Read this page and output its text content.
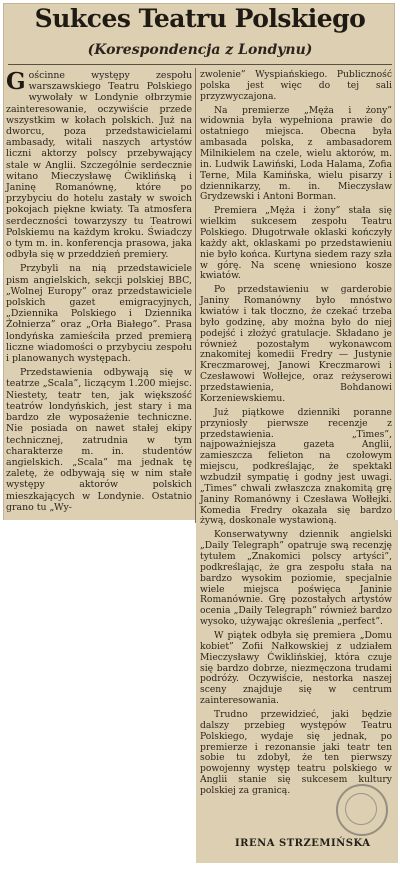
Sukces Teatru Polskiego
(Korespondencja z Londynu)

Gościnne występy zespołu warszawskiego Teatru Polskiego wywołały w Londynie ołbrzymie zainteresowanie, oczywiście przede wszystkim w kołach polskich. Już na dworcu, poza przedstawicielami ambasady, witali naszych artystów liczni aktorzy polscy przebywający stale w Anglii. Szczególnie serdecznie witano Mieczysławę Ćwiklińską i Janinę Romanównę, które po przybyciu do hotelu zastały w swoich pokojach piękne kwiaty. Ta atmosfera serdeczności towarzyszy tu Teatrowi Polskiemu na każdym kroku. Świadczy o tym m. in. konferencja prasowa, jaka odbyła się w przeddzień premiery.

Przybyli na nią przedstawiciele pism angielskich, sekcji polskiej BBC, „Wolnej Europy” oraz przedstawiciele polskich gazet emigracyjnych, „Dziennika Polskiego i Dziennika Żołnierza” oraz „Orła Białego”. Prasa londyńska zamieściła przed premierą liczne wiadomości o przybyciu zespołu i planowanych występach.

Przedstawienia odbywają się w teatrze „Scala”, liczącym 1.200 miejsc. Niestety, teatr ten, jak większość teatrów londyńskich, jest stary i ma bardzo złe wyposażenie techniczne. Nie posiada on nawet stałej ekipy technicznej, zatrudnia w tym charakterze m. in. studentów angielskich. „Scala” ma jednak tę zaletę, że odbywają się w nim stałe występy aktorów polskich mieszkających w Londynie. Ostatnio grano tu „Wy-

zwolenie” Wyspiańskiego. Publiczność polska jest więc do tej sali przyzwyczajona.

Na premierze „Męża i żony” widownia była wypełniona prawie do ostatniego miejsca. Obecna była ambasada polska, z ambasadorem Milnikielem na czele, wielu aktorów, m. in. Ludwik Lawiński, Loda Halama, Zofia Terne, Mila Kamińska, wielu pisarzy i dziennikarzy, m. in. Mieczysław Grydzewski i Antoni Borman.

Premiera „Męża i żony” stała się wielkim sukcesem zespołu Teatru Polskiego. Długotrwałe oklaski kończyły każdy akt, oklaskami po przedstawieniu nie było końca. Kurtyna siedem razy szła w górę. Na scenę wniesiono kosze kwiatów.

Po przedstawieniu w garderobie Janiny Romanówny było mnóstwo kwiatów i tak tłoczno, że czekać trzeba było godzinę, aby można było do niej podejść i złożyć gratulacje. Składano je również pozostałym wykonawcom znakomitej komedii Fredry — Justynie Kreczmarowej, Janowi Kreczmarowi i Czesławowi Wołłejce, oraz reżyserowi przedstawienia, Bohdanowi Korzeniewskiemu.

Już piątkowe dzienniki poranne przyniosły pierwsze recenzje z przedstawienia. „Times”, najpoważniejsza gazeta Anglii, zamieszcza felieton na czołowym miejscu, podkreślając, że spektakl wzbudził sympatię i godny jest uwagi. „Times” chwali zwłaszcza znakomitą grę Janiny Romanówny i Czesława Wołłejki. Komedia Fredry okazała się bardzo żywą, doskonale wystawioną.

Konserwatywny dziennik angielski „Daily Telegraph” opatruje swą recenzję tytułem „Znakomici polscy artyści”, podkreślając, że gra zespołu stała na bardzo wysokim poziomie, specjalnie wiele miejsca poświęca Janinie Romanównie. Grę pozostałych artystów ocenia „Daily Telegraph” również bardzo wysoko, używając określenia „perfect”.

W piątek odbyła się premiera „Domu kobiet” Zofii Nałkowskiej z udziałem Mieczysławy Ćwiklińskiej, która czuje się bardzo dobrze, niezmęczona trudami podróży. Oczywiście, nestorka naszej sceny znajduje się w centrum zainteresowania.

Trudno przewidzieć, jaki będzie dalszy przebieg występów Teatru Polskiego, wydaje się jednak, po premierze i rezonansie jaki teatr ten sobie tu zdobył, że ten pierwszy powojenny występ teatru polskiego w Anglii stanie się sukcesem kultury polskiej za granicą.

IRENA STRZEMIŃSKA
